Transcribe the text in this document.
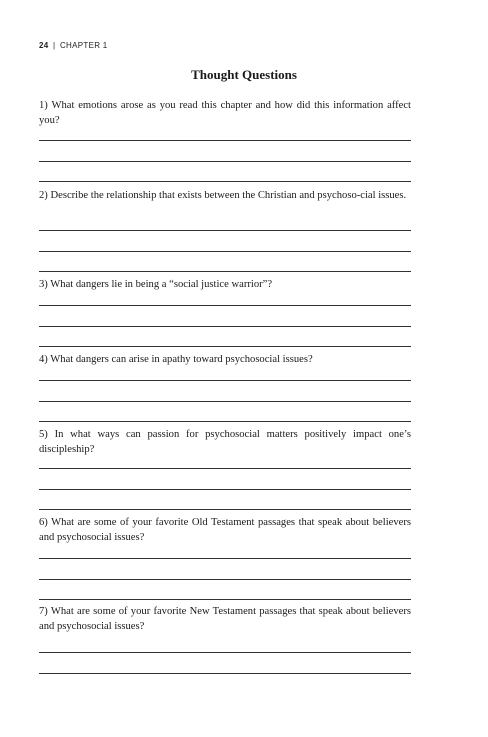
24 | CHAPTER 1
Thought Questions
1) What emotions arose as you read this chapter and how did this information affect you?
2) Describe the relationship that exists between the Christian and psychoso-cial issues.
3) What dangers lie in being a “social justice warrior”?
4) What dangers can arise in apathy toward psychosocial issues?
5) In what ways can passion for psychosocial matters positively impact one’s discipleship?
6) What are some of your favorite Old Testament passages that speak about believers and psychosocial issues?
7) What are some of your favorite New Testament passages that speak about believers and psychosocial issues?
